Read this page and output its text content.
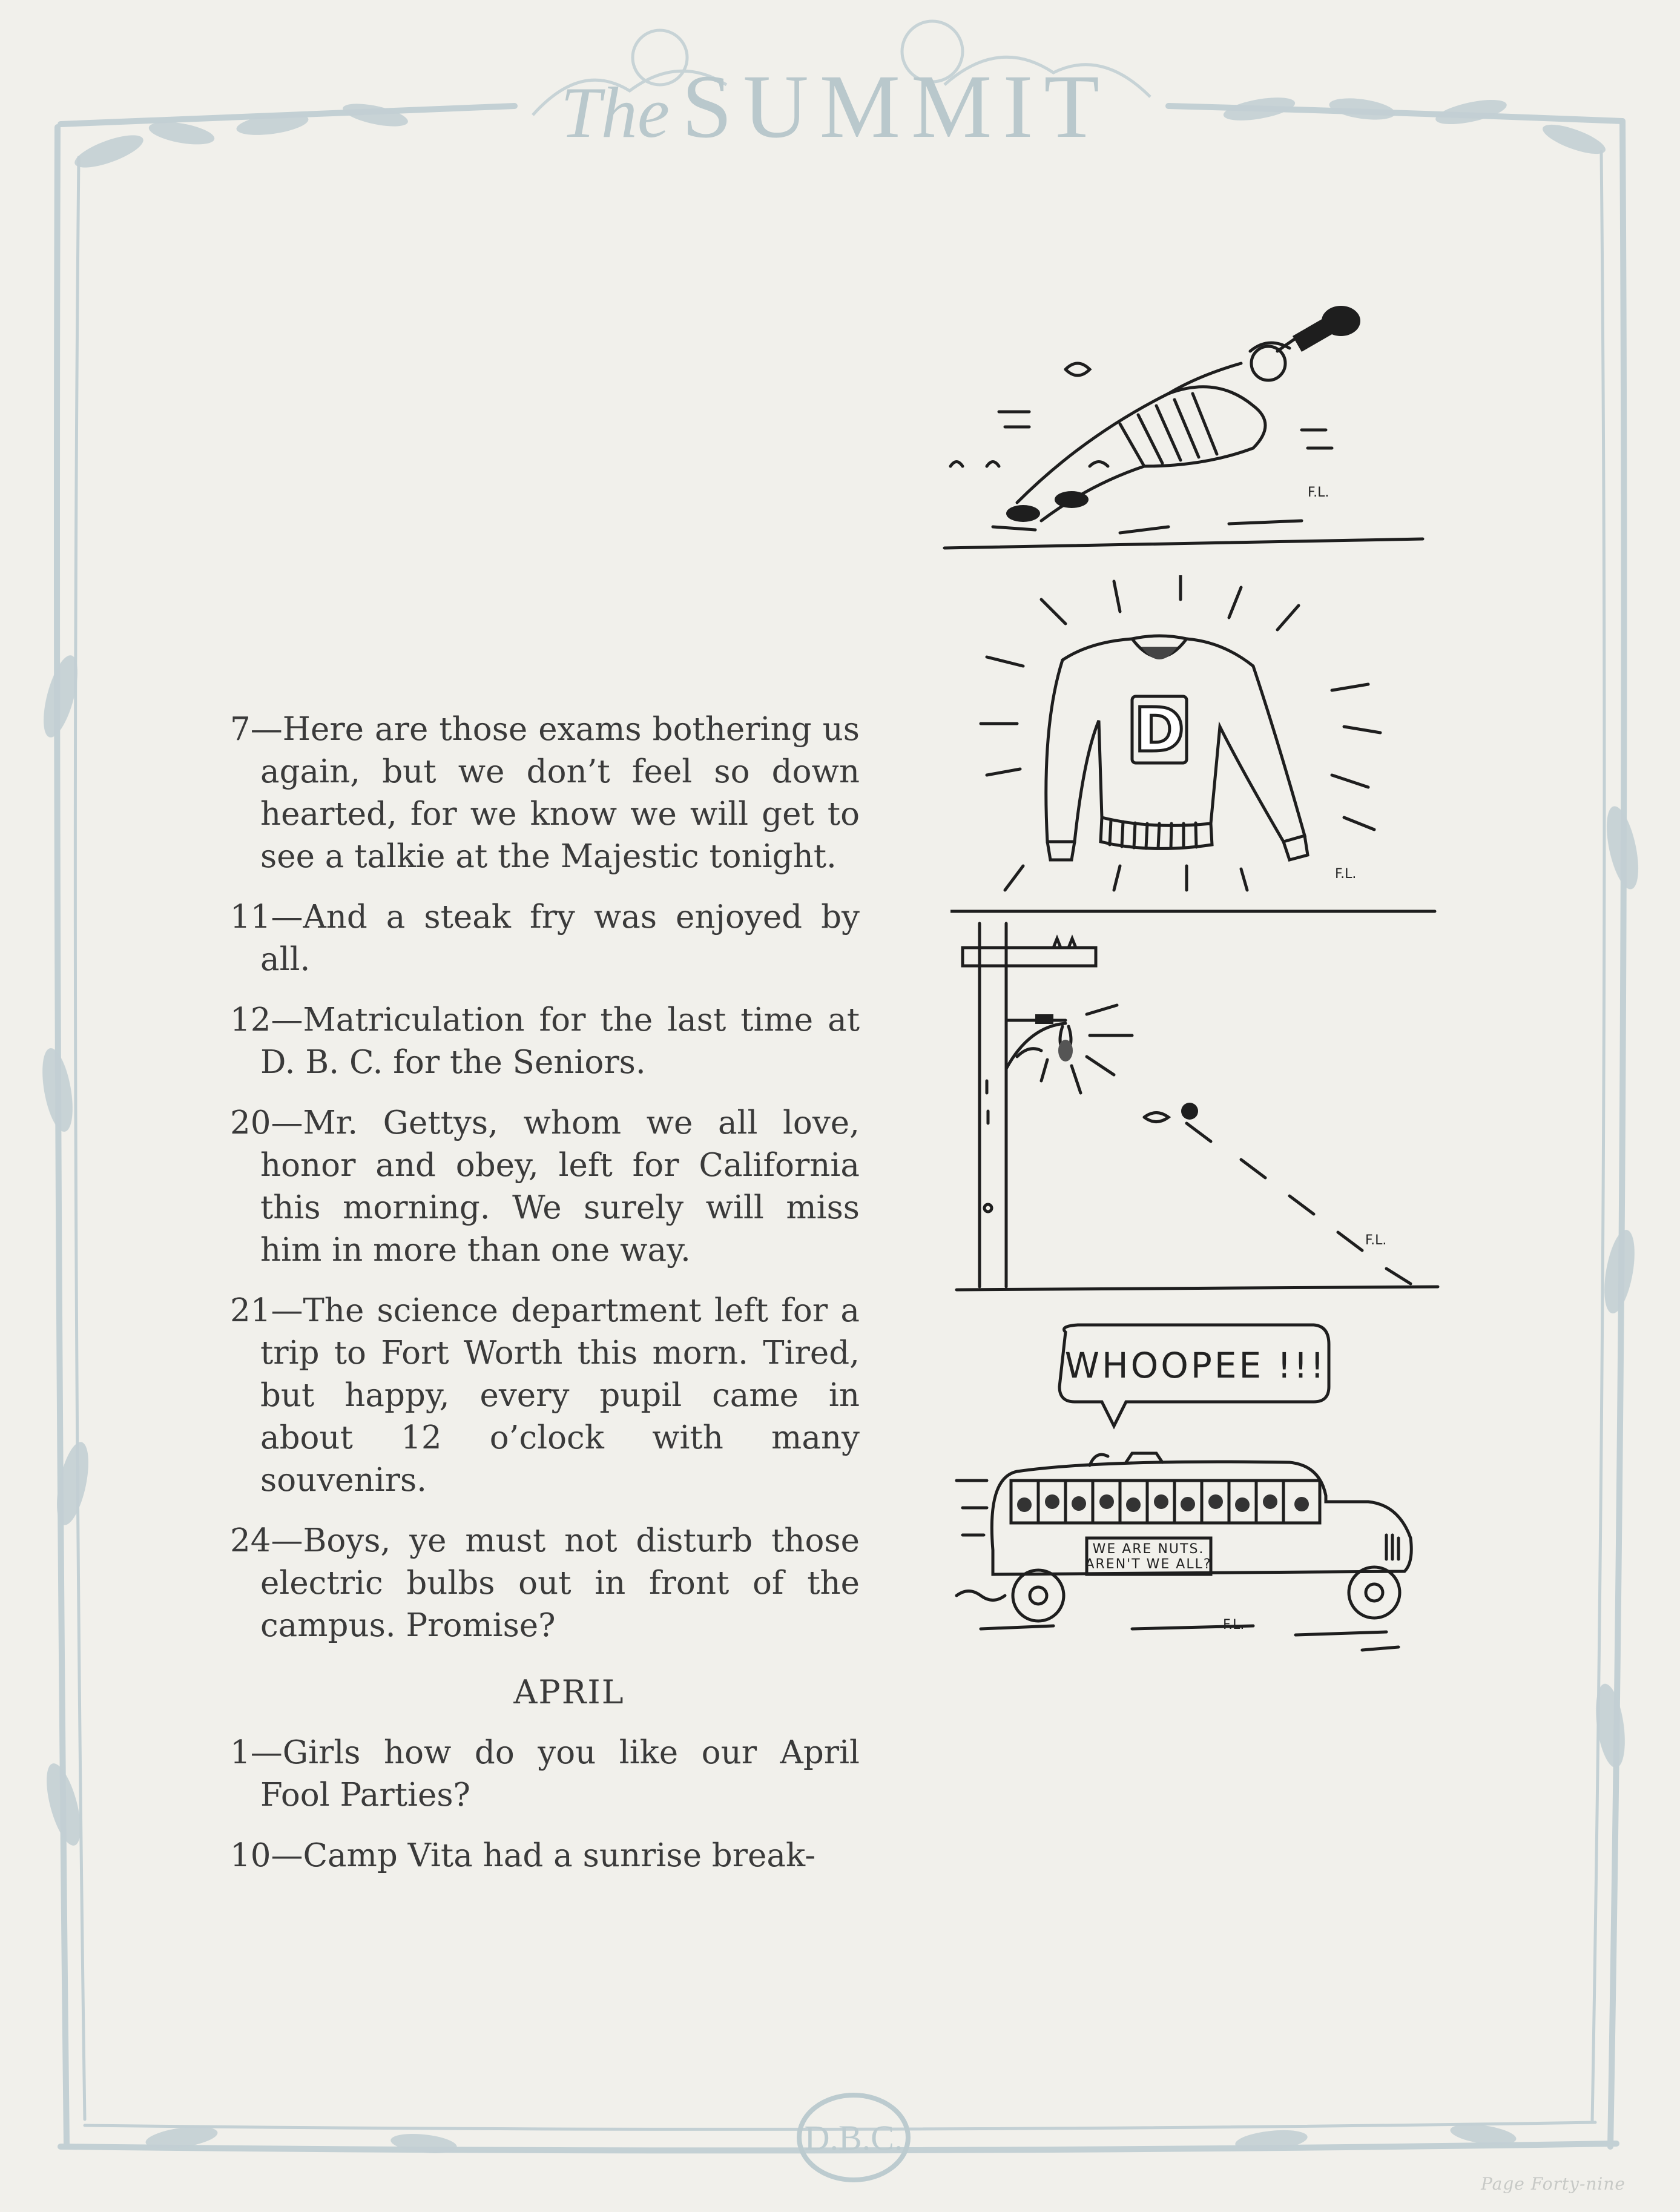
The SUMMIT
7—Here are those exams bothering us again, but we don’t feel so down hearted, for we know we will get to see a talkie at the Majestic tonight.
11—And a steak fry was enjoyed by all.
12—Matriculation for the last time at D. B. C. for the Seniors.
20—Mr. Gettys, whom we all love, honor and obey, left for California this morning. We surely will miss him in more than one way.
21—The science department left for a trip to Fort Worth this morn. Tired, but happy, every pupil came in about 12 o’clock with many souvenirs.
24—Boys, ye must not disturb those electric bulbs out in front of the campus. Promise?
APRIL
1—Girls how do you like our April Fool Parties?
10—Camp Vita had a sunrise break-
F.L.
D
F.L.
F.L.
WHOOPEE !!!
WE ARE NUTS.
AREN'T WE ALL?
F.L.
D.B.C.
Page Forty-nine
